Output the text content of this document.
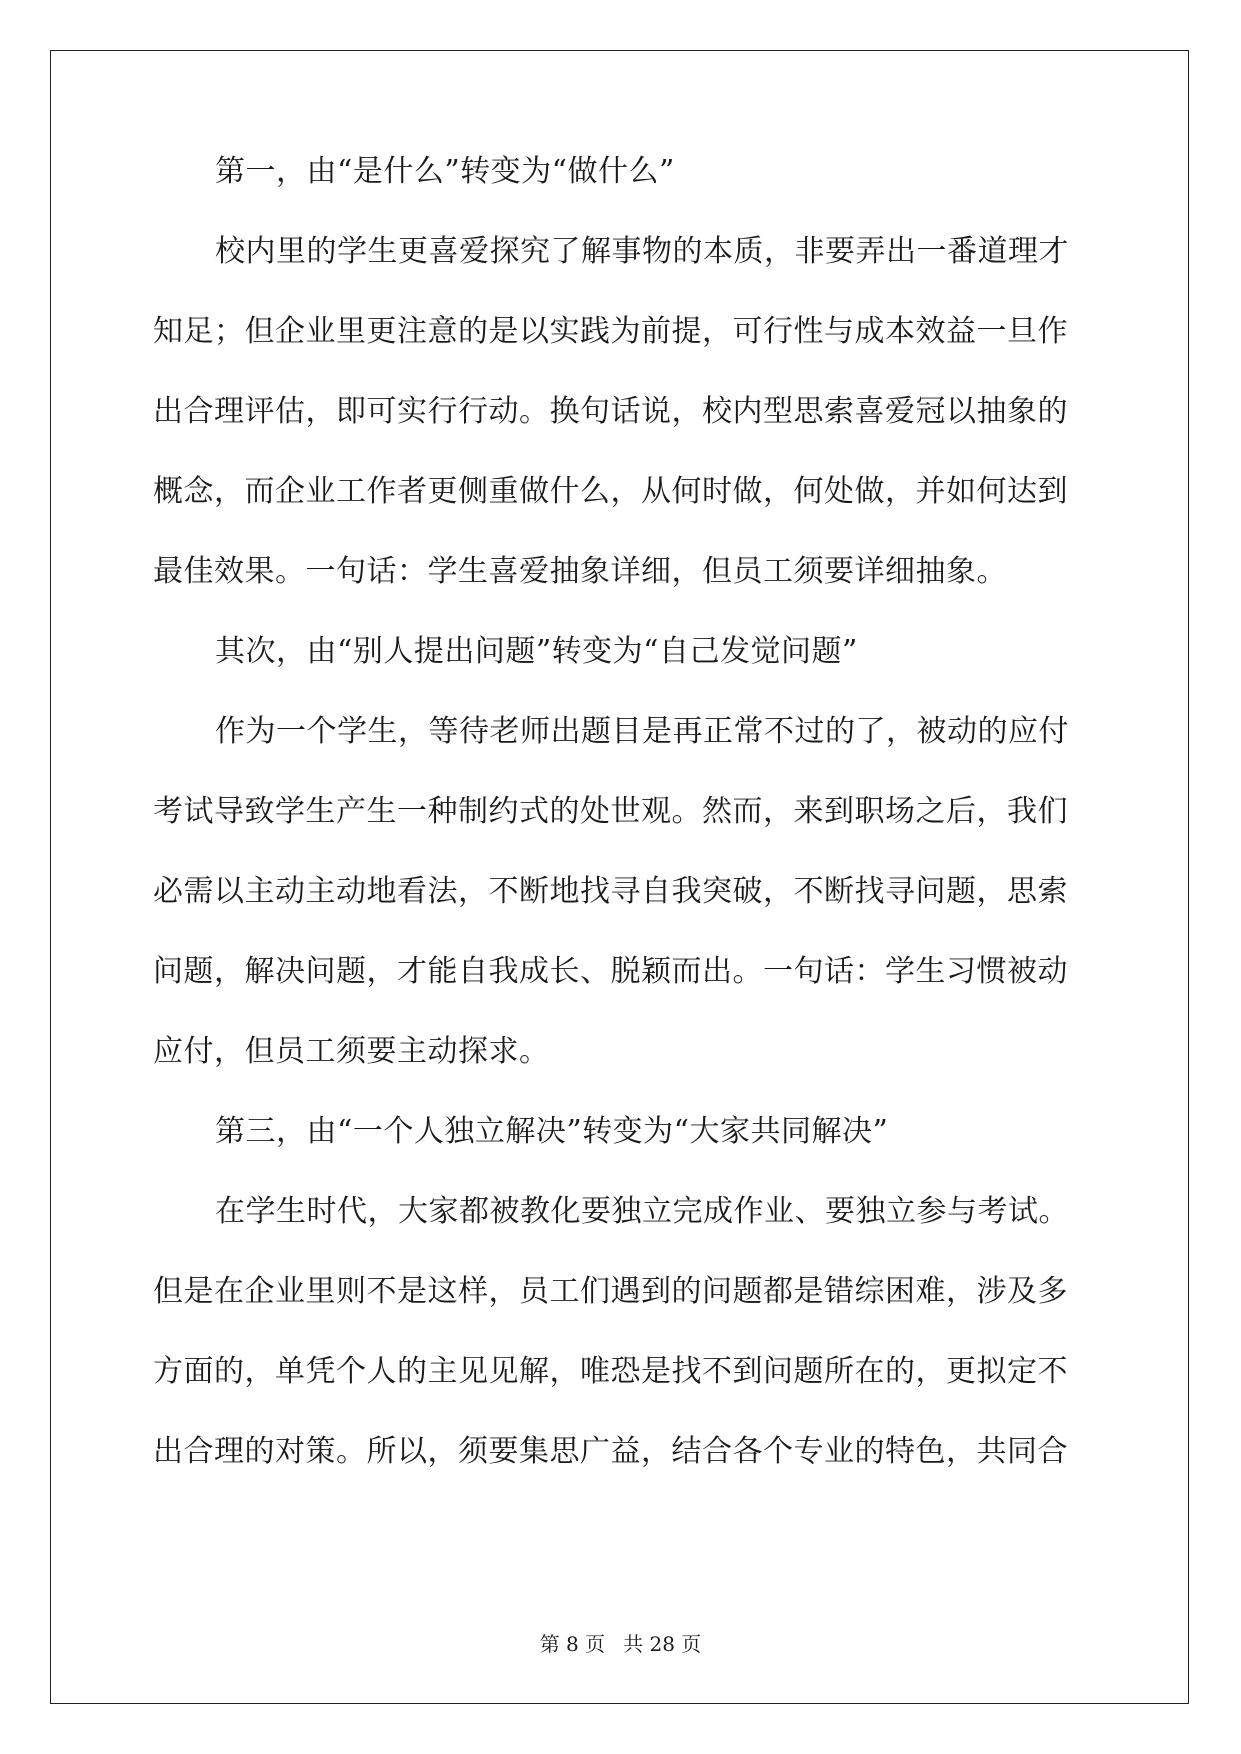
第一，由“是什么”转变为“做什么”
校内里的学生更喜爱探究了解事物的本质，非要弄出一番道理才
知足；但企业里更注意的是以实践为前提，可行性与成本效益一旦作
出合理评估，即可实行行动。换句话说，校内型思索喜爱冠以抽象的
概念，而企业工作者更侧重做什么，从何时做，何处做，并如何达到
最佳效果。一句话：学生喜爱抽象详细，但员工须要详细抽象。
其次，由“别人提出问题”转变为“自己发觉问题”
作为一个学生，等待老师出题目是再正常不过的了，被动的应付
考试导致学生产生一种制约式的处世观。然而，来到职场之后，我们
必需以主动主动地看法，不断地找寻自我突破，不断找寻问题，思索
问题，解决问题，才能自我成长、脱颖而出。一句话：学生习惯被动
应付，但员工须要主动探求。
第三，由“一个人独立解决”转变为“大家共同解决”
在学生时代，大家都被教化要独立完成作业、要独立参与考试。
但是在企业里则不是这样，员工们遇到的问题都是错综困难，涉及多
方面的，单凭个人的主见见解，唯恐是找不到问题所在的，更拟定不
出合理的对策。所以，须要集思广益，结合各个专业的特色，共同合
第 8 页 共 28 页
